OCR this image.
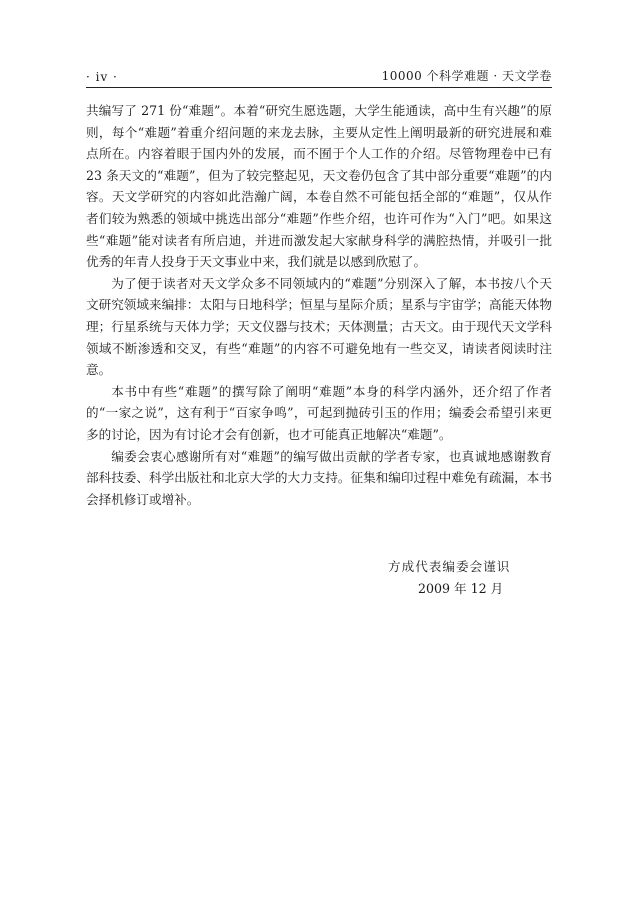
· iv ·	10000 个科学难题 · 天文学卷

共编写了 271 份“难题”。本着“研究生愿选题，大学生能通读，高中生有兴趣”的原则，每个“难题”着重介绍问题的来龙去脉，主要从定性上阐明最新的研究进展和难点所在。内容着眼于国内外的发展，而不囿于个人工作的介绍。尽管物理卷中已有 23 条天文的“难题”，但为了较完整起见，天文卷仍包含了其中部分重要“难题”的内容。天文学研究的内容如此浩瀚广阔，本卷自然不可能包括全部的“难题”，仅从作者们较为熟悉的领域中挑选出部分“难题”作些介绍，也许可作为“入门”吧。如果这些“难题”能对读者有所启迪，并进而激发起大家献身科学的满腔热情，并吸引一批优秀的年青人投身于天文事业中来，我们就是以感到欣慰了。

为了便于读者对天文学众多不同领域内的“难题”分别深入了解，本书按八个天文研究领域来编排：太阳与日地科学；恒星与星际介质；星系与宇宙学；高能天体物理；行星系统与天体力学；天文仪器与技术；天体测量；古天文。由于现代天文学科领域不断渗透和交叉，有些“难题”的内容不可避免地有一些交叉，请读者阅读时注意。

本书中有些“难题”的撰写除了阐明“难题”本身的科学内涵外，还介绍了作者的“一家之说”，这有利于“百家争鸣”，可起到抛砖引玉的作用；编委会希望引来更多的讨论，因为有讨论才会有创新，也才可能真正地解决“难题”。

编委会衷心感谢所有对“难题”的编写做出贡献的学者专家，也真诚地感谢教育部科技委、科学出版社和北京大学的大力支持。征集和编印过程中难免有疏漏，本书会择机修订或增补。

方成代表编委会谨识
2009 年 12 月
